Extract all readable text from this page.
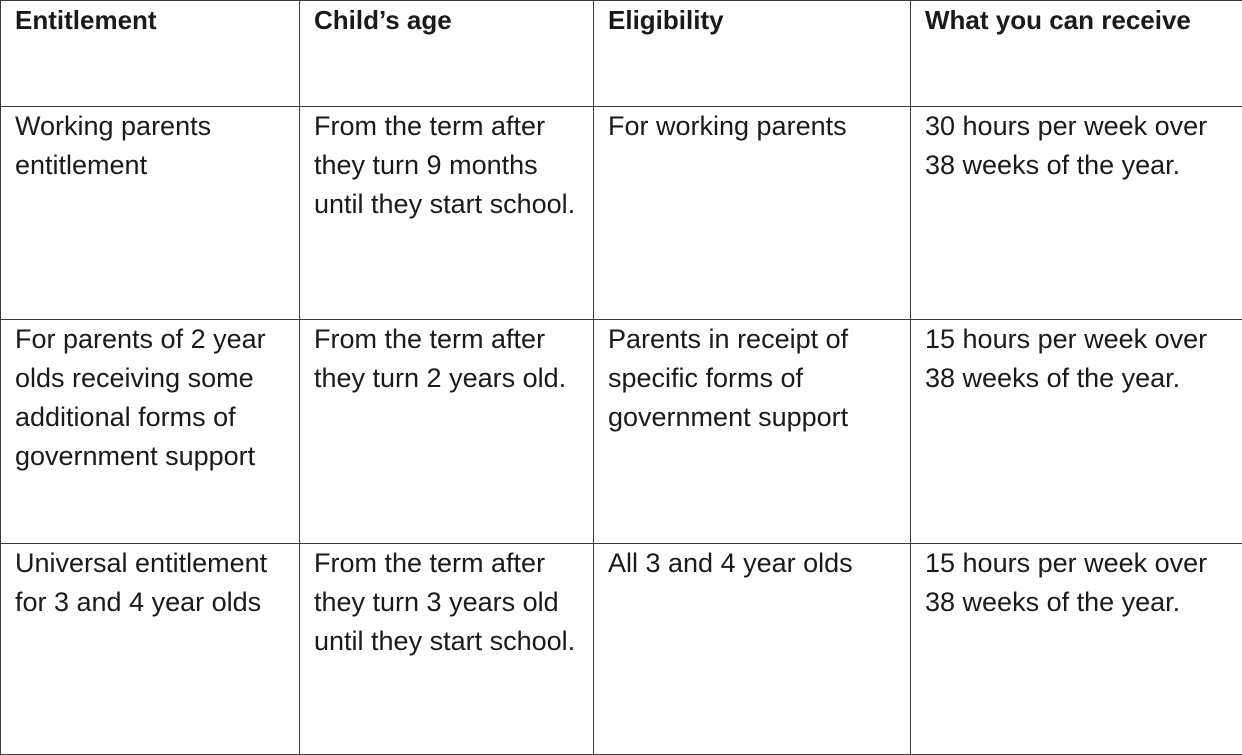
Entitlement	Child’s age	Eligibility	What you can receive

Working parents entitlement	From the term after they turn 9 months until they start school.	For working parents	30 hours per week over 38 weeks of the year.

For parents of 2 year olds receiving some additional forms of government support	From the term after they turn 2 years old.	Parents in receipt of specific forms of government support	15 hours per week over 38 weeks of the year.

Universal entitlement for 3 and 4 year olds	From the term after they turn 3 years old until they start school.	All 3 and 4 year olds	15 hours per week over 38 weeks of the year.
